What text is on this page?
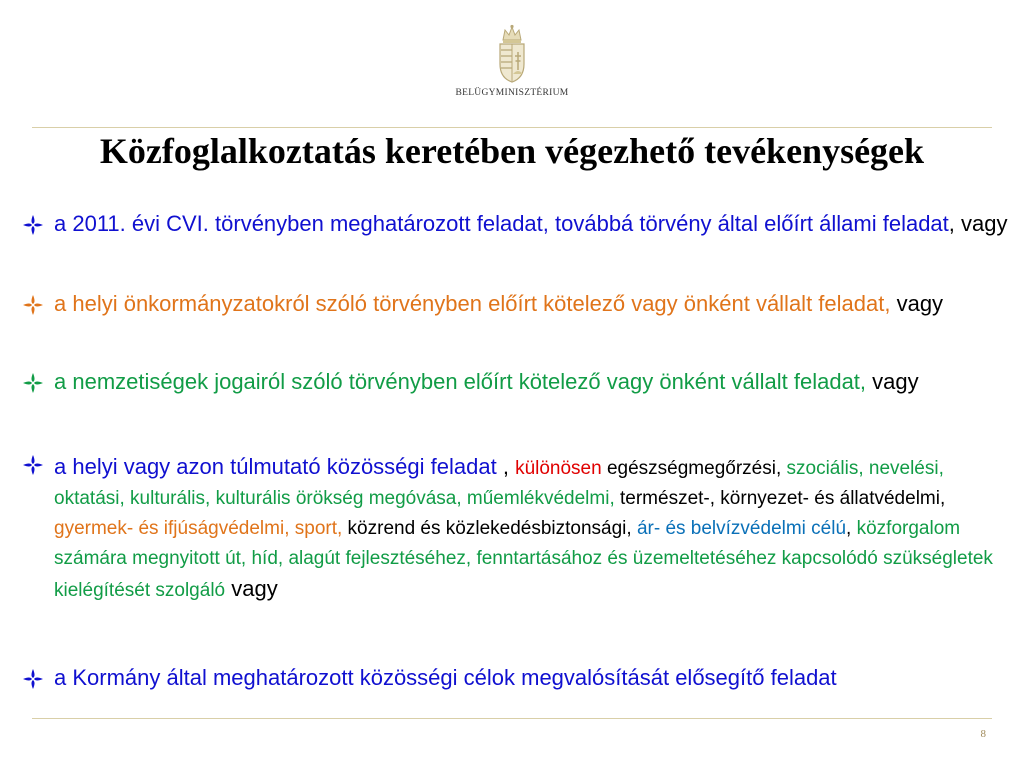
BELÜGYMINISZTÉRIUM
Közfoglalkoztatás keretében végezhető tevékenységek
a 2011. évi CVI. törvényben meghatározott feladat, továbbá törvény által előírt állami feladat, vagy
a helyi önkormányzatokról szóló törvényben előírt kötelező vagy önként vállalt feladat, vagy
a nemzetiségek jogairól szóló törvényben előírt kötelező vagy önként vállalt feladat, vagy
a helyi vagy azon túlmutató közösségi feladat , különösen egészségmegőrzési, szociális, nevelési, oktatási, kulturális, kulturális örökség megóvása, műemlékvédelmi, természet-, környezet- és állatvédelmi, gyermek- és ifjúságvédelmi, sport, közrend és közlekedésbiztonsági, ár- és belvízvédelmi célú, közforgalom számára megnyitott út, híd, alagút fejlesztéséhez, fenntartásához és üzemeltetéséhez kapcsolódó szükségletek kielégítését szolgáló vagy
a Kormány által meghatározott közösségi célok megvalósítását elősegítő feladat
8
